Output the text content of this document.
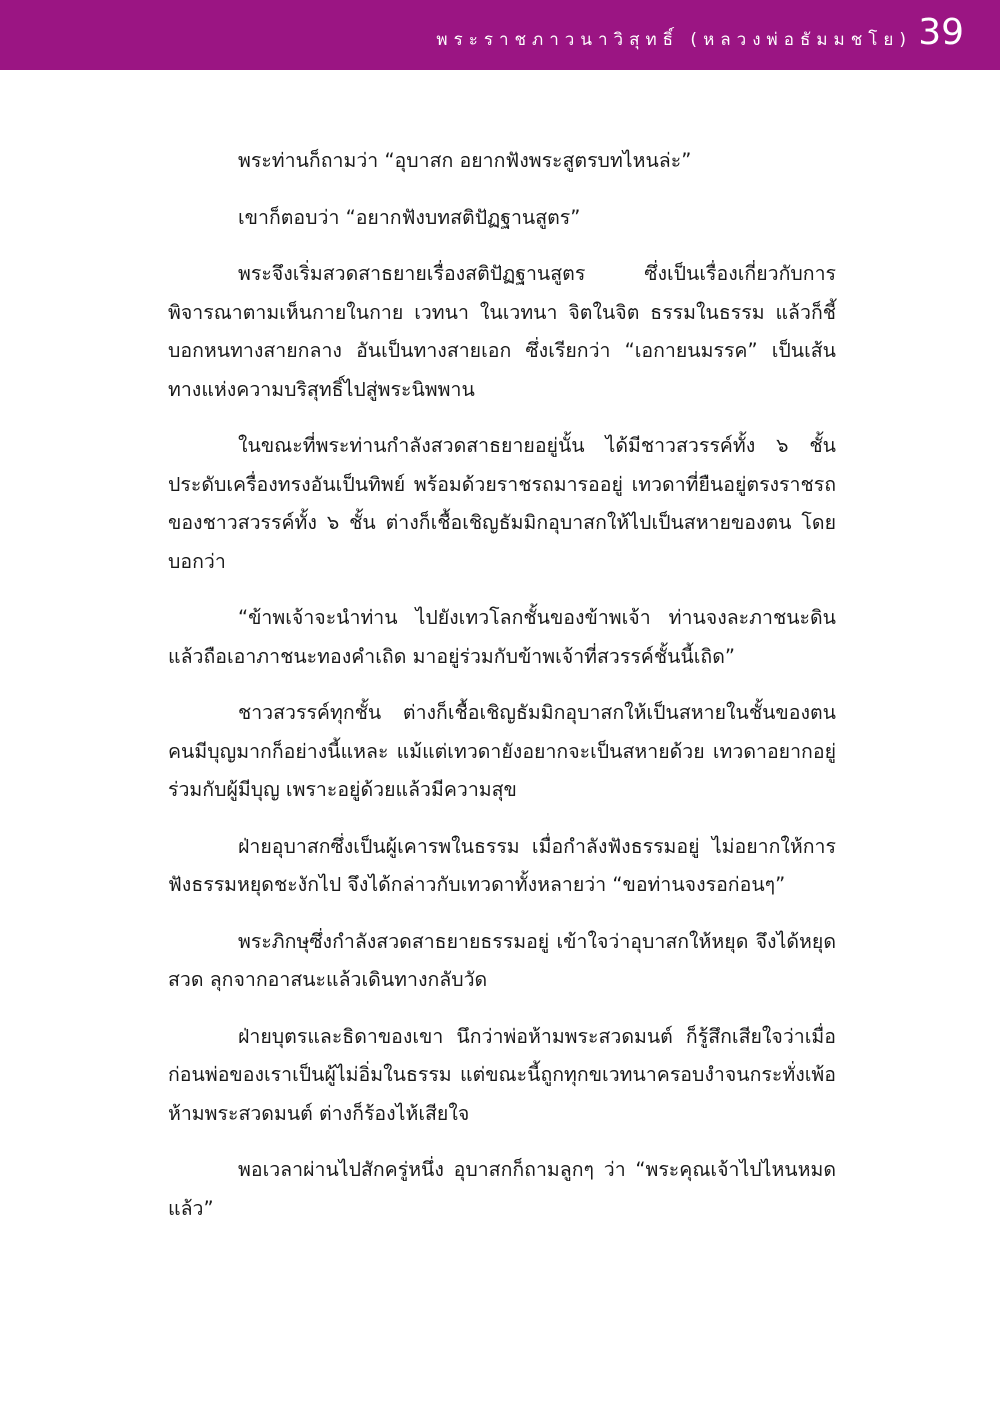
พระราชภาวนาวิสุทธิ์ (หลวงพ่อธัมมชโย) 39

พระท่านก็ถามว่า “อุบาสก อยากฟังพระสูตรบทไหนล่ะ”

เขาก็ตอบว่า “อยากฟังบทสติปัฏฐานสูตร”

พระจึงเริ่มสวดสาธยายเรื่องสติปัฏฐานสูตร ซึ่งเป็นเรื่องเกี่ยวกับการพิจารณาตามเห็นกายในกาย เวทนา ในเวทนา จิตในจิต ธรรมในธรรม แล้วก็ชี้บอกหนทางสายกลาง อันเป็นทางสายเอก ซึ่งเรียกว่า “เอกายนมรรค” เป็นเส้นทางแห่งความบริสุทธิ์ไปสู่พระนิพพาน

ในขณะที่พระท่านกำลังสวดสาธยายอยู่นั้น ได้มีชาวสวรรค์ทั้ง ๖ ชั้น ประดับเครื่องทรงอันเป็นทิพย์ พร้อมด้วยราชรถมารออยู่ เทวดาที่ยืนอยู่ตรงราชรถของชาวสวรรค์ทั้ง ๖ ชั้น ต่างก็เชื้อเชิญธัมมิกอุบาสกให้ไปเป็นสหายของตน โดยบอกว่า

“ข้าพเจ้าจะนำท่าน ไปยังเทวโลกชั้นของข้าพเจ้า ท่านจงละภาชนะดินแล้วถือเอาภาชนะทองคำเถิด มาอยู่ร่วมกับข้าพเจ้าที่สวรรค์ชั้นนี้เถิด”

ชาวสวรรค์ทุกชั้น ต่างก็เชื้อเชิญธัมมิกอุบาสกให้เป็นสหายในชั้นของตน คนมีบุญมากก็อย่างนี้แหละ แม้แต่เทวดายังอยากจะเป็นสหายด้วย เทวดาอยากอยู่ร่วมกับผู้มีบุญ เพราะอยู่ด้วยแล้วมีความสุข

ฝ่ายอุบาสกซึ่งเป็นผู้เคารพในธรรม เมื่อกำลังฟังธรรมอยู่ ไม่อยากให้การฟังธรรมหยุดชะงักไป จึงได้กล่าวกับเทวดาทั้งหลายว่า “ขอท่านจงรอก่อนๆ”

พระภิกษุซึ่งกำลังสวดสาธยายธรรมอยู่ เข้าใจว่าอุบาสกให้หยุด จึงได้หยุดสวด ลุกจากอาสนะแล้วเดินทางกลับวัด

ฝ่ายบุตรและธิดาของเขา นึกว่าพ่อห้ามพระสวดมนต์ ก็รู้สึกเสียใจว่าเมื่อก่อนพ่อของเราเป็นผู้ไม่อิ่มในธรรม แต่ขณะนี้ถูกทุกขเวทนาครอบงำจนกระทั่งเพ้อ ห้ามพระสวดมนต์ ต่างก็ร้องไห้เสียใจ

พอเวลาผ่านไปสักครู่หนึ่ง อุบาสกก็ถามลูกๆ ว่า “พระคุณเจ้าไปไหนหมดแล้ว”
